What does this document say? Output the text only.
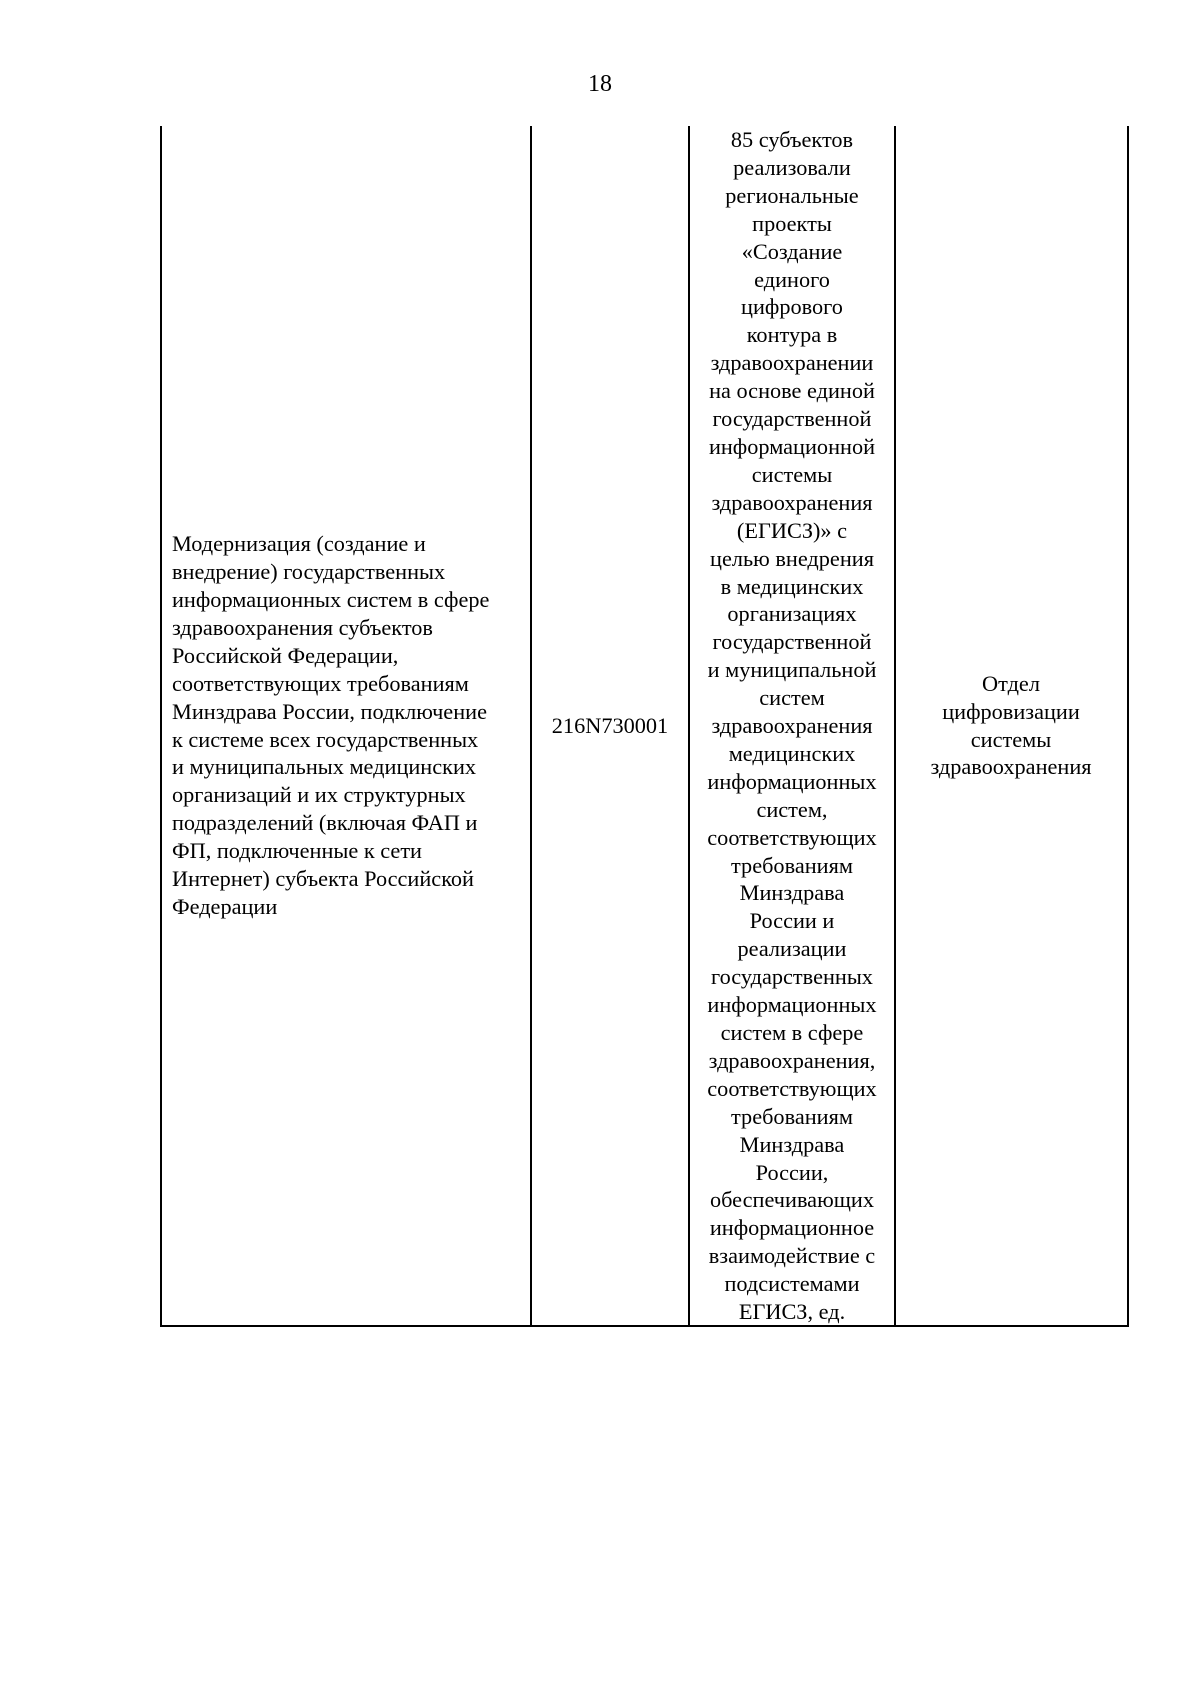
18
Модернизация (создание и
внедрение) государственных
информационных систем в сфере
здравоохранения субъектов
Российской Федерации,
соответствующих требованиям
Минздрава России, подключение
к системе всех государственных
и муниципальных медицинских
организаций и их структурных
подразделений (включая ФАП и
ФП, подключенные к сети
Интернет) субъекта Российской
Федерации
216N730001
85 субъектов
реализовали
региональные
проекты
«Создание
единого
цифрового
контура в
здравоохранении
на основе единой
государственной
информационной
системы
здравоохранения
(ЕГИСЗ)» с
целью внедрения
в медицинских
организациях
государственной
и муниципальной
систем
здравоохранения
медицинских
информационных
систем,
соответствующих
требованиям
Минздрава
России и
реализации
государственных
информационных
систем в сфере
здравоохранения,
соответствующих
требованиям
Минздрава
России,
обеспечивающих
информационное
взаимодействие с
подсистемами
ЕГИСЗ, ед.
Отдел
цифровизации
системы
здравоохранения
